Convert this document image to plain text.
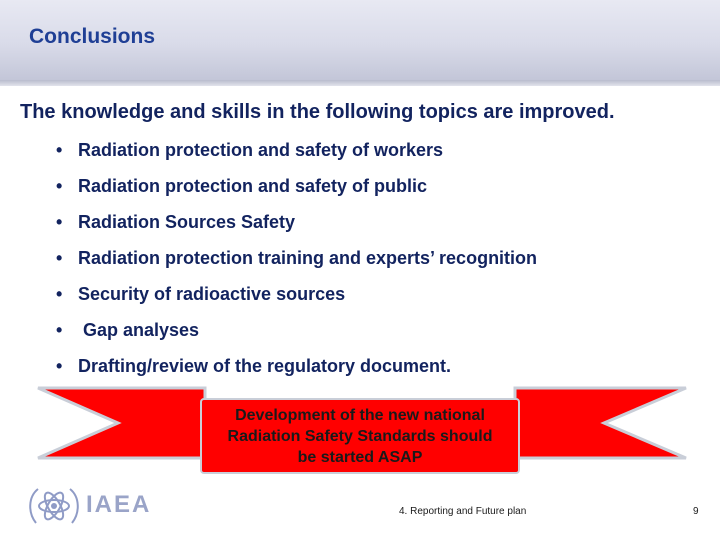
Conclusions
The knowledge and skills in the following topics are improved.
• Radiation protection and safety of workers
• Radiation protection and safety of public
• Radiation Sources Safety
• Radiation protection training and experts’ recognition
• Security of radioactive sources
• Gap analyses
• Drafting/review of the regulatory document.
Development of the new national
Radiation Safety Standards should
be started ASAP
IAEA	4. Reporting and Future plan	9
